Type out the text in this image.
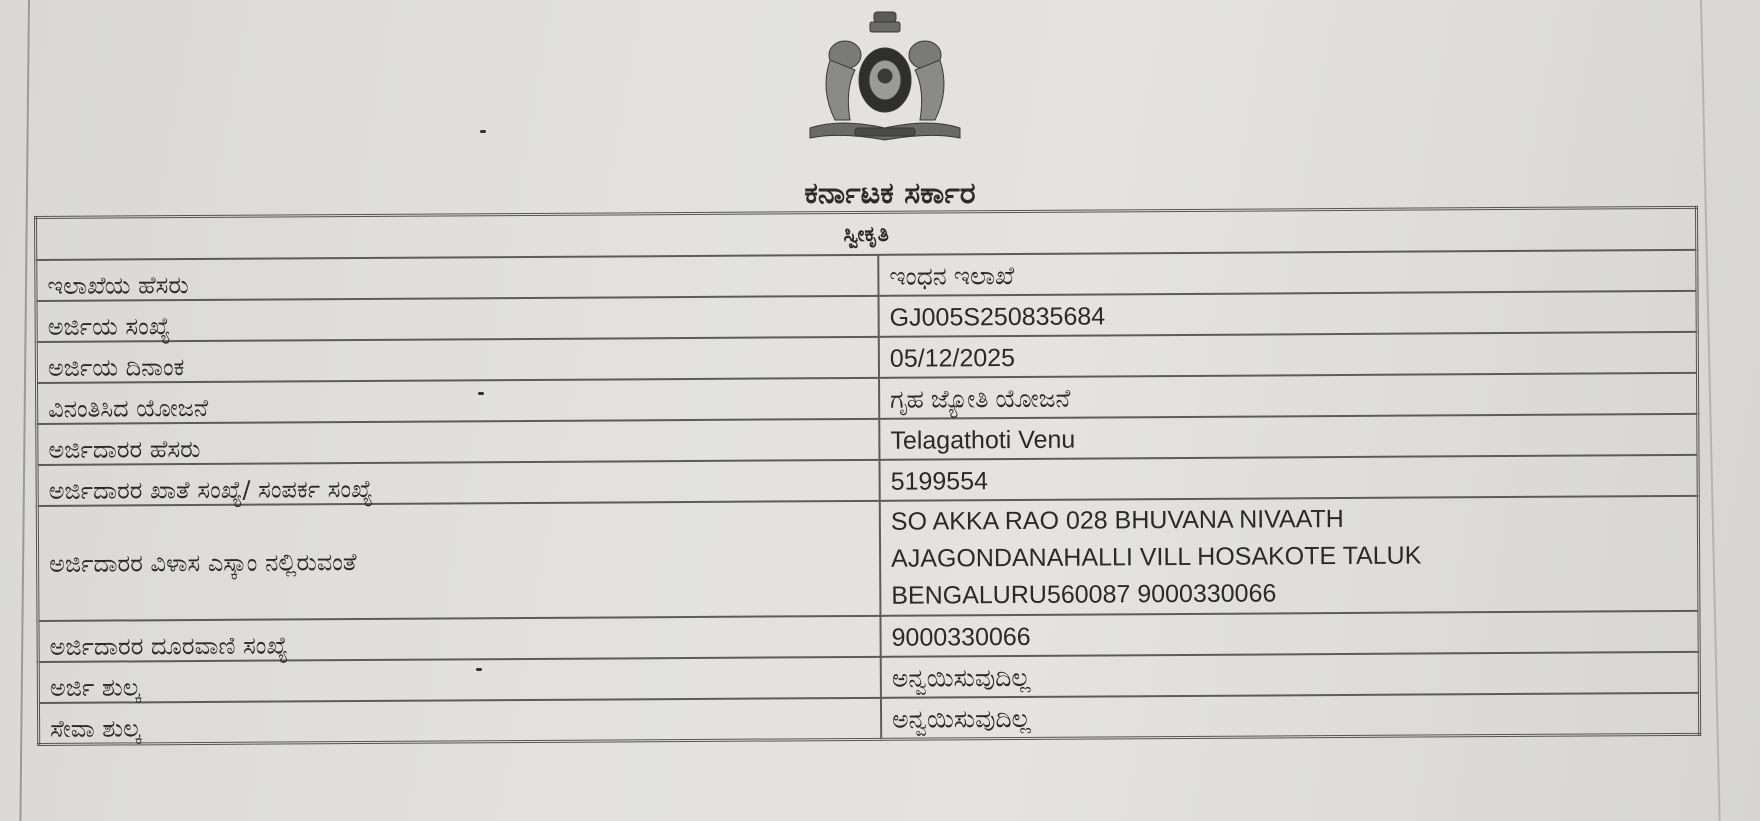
ಕರ್ನಾಟಕ ಸರ್ಕಾರ
ಸ್ವೀಕೃತಿ	
ಇಲಾಖೆಯ ಹೆಸರು	ಇಂಧನ ಇಲಾಖೆ
ಅರ್ಜಿಯ ಸಂಖ್ಯೆ	GJ005S250835684
ಅರ್ಜಿಯ ದಿನಾಂಕ	05/12/2025
ವಿನಂತಿಸಿದ ಯೋಜನೆ	ಗೃಹ ಜ್ಯೋತಿ ಯೋಜನೆ
ಅರ್ಜಿದಾರರ ಹೆಸರು	Telagathoti Venu
ಅರ್ಜಿದಾರರ ಖಾತೆ ಸಂಖ್ಯೆ/ ಸಂಪರ್ಕ ಸಂಖ್ಯೆ	5199554
ಅರ್ಜಿದಾರರ ವಿಳಾಸ ಎಸ್ಕಾಂ ನಲ್ಲಿರುವಂತೆ	SO AKKA RAO 028 BHUVANA NIVAATH
AJAGONDANAHALLI VILL HOSAKOTE TALUK
BENGALURU560087 9000330066

ಅರ್ಜಿದಾರರ ದೂರವಾಣಿ ಸಂಖ್ಯೆ	9000330066
ಅರ್ಜಿ ಶುಲ್ಕ	ಅನ್ವಯಿಸುವುದಿಲ್ಲ
ಸೇವಾ ಶುಲ್ಕ	ಅನ್ವಯಿಸುವುದಿಲ್ಲ
